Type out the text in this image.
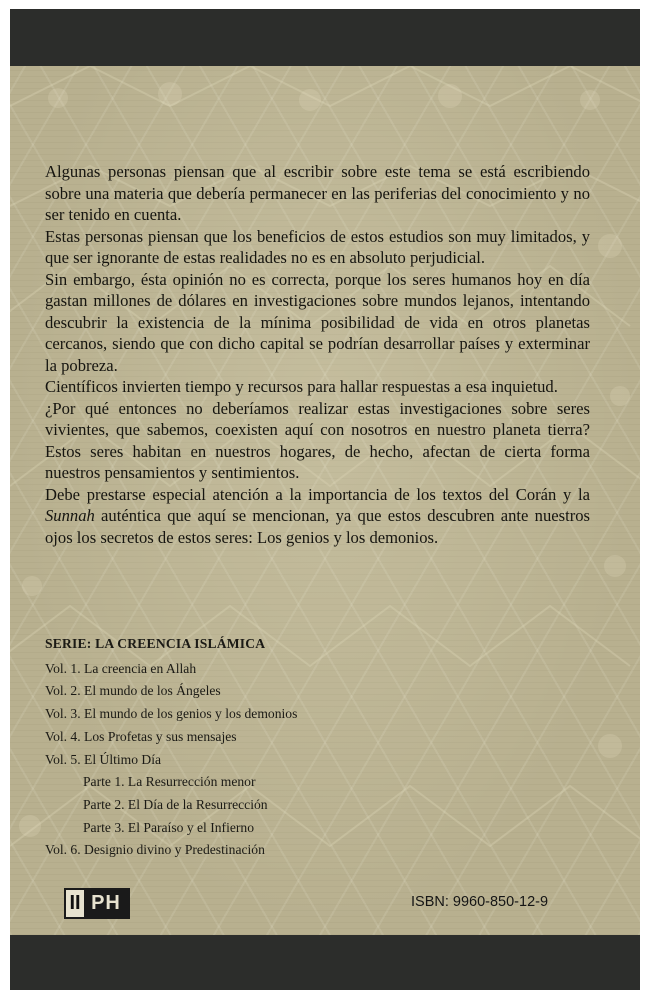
Algunas personas piensan que al escribir sobre este tema se está escribiendo sobre una materia que debería permanecer en las periferias del conocimiento y no ser tenido en cuenta.

Estas personas piensan que los beneficios de estos estudios son muy limitados, y que ser ignorante de estas realidades no es en absoluto perjudicial.

Sin embargo, ésta opinión no es correcta, porque los seres humanos hoy en día gastan millones de dólares en investigaciones sobre mundos lejanos, intentando descubrir la existencia de la mínima posibilidad de vida en otros planetas cercanos, siendo que con dicho capital se podrían desarrollar países y exterminar la pobreza.

Científicos invierten tiempo y recursos para hallar respuestas a esa inquietud.

¿Por qué entonces no deberíamos realizar estas investigaciones sobre seres vivientes, que sabemos, coexisten aquí con nosotros en nuestro planeta tierra? Estos seres habitan en nuestros hogares, de hecho, afectan de cierta forma nuestros pensamientos y sentimientos.

Debe prestarse especial atención a la importancia de los textos del Corán y la Sunnah auténtica que aquí se mencionan, ya que estos descubren ante nuestros ojos los secretos de estos seres: Los genios y los demonios.

SERIE: LA CREENCIA ISLÁMICA
Vol. 1. La creencia en Allah
Vol. 2. El mundo de los Ángeles
Vol. 3. El mundo de los genios y los demonios
Vol. 4. Los Profetas y sus mensajes
Vol. 5. El Último Día
Parte 1. La Resurrección menor
Parte 2. El Día de la Resurrección
Parte 3. El Paraíso y el Infierno
Vol. 6. Designio divino y Predestinación
II PH	ISBN: 9960-850-12-9
